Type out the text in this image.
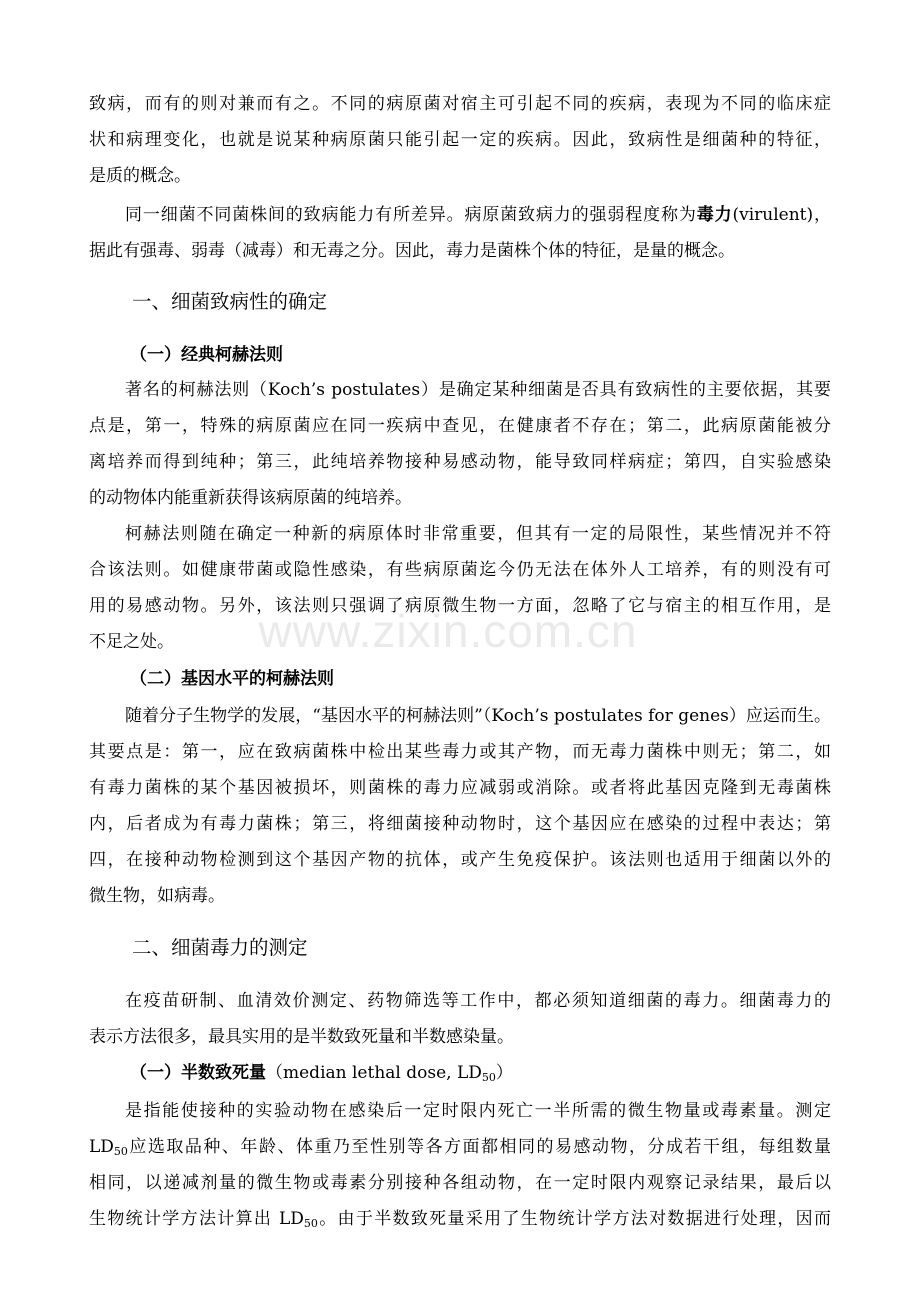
www.zixin.com.cn
致病，而有的则对兼而有之。不同的病原菌对宿主可引起不同的疾病，表现为不同的临床症
状和病理变化，也就是说某种病原菌只能引起一定的疾病。因此，致病性是细菌种的特征，
是质的概念。
同一细菌不同菌株间的致病能力有所差异。病原菌致病力的强弱程度称为毒力(virulent)，
据此有强毒、弱毒（减毒）和无毒之分。因此，毒力是菌株个体的特征，是量的概念。
一、细菌致病性的确定
（一）经典柯赫法则
著名的柯赫法则（Koch’s postulates）是确定某种细菌是否具有致病性的主要依据，其要
点是，第一，特殊的病原菌应在同一疾病中查见，在健康者不存在；第二，此病原菌能被分
离培养而得到纯种；第三，此纯培养物接种易感动物，能导致同样病症；第四，自实验感染
的动物体内能重新获得该病原菌的纯培养。
柯赫法则随在确定一种新的病原体时非常重要，但其有一定的局限性，某些情况并不符
合该法则。如健康带菌或隐性感染，有些病原菌迄今仍无法在体外人工培养，有的则没有可
用的易感动物。另外，该法则只强调了病原微生物一方面，忽略了它与宿主的相互作用，是
不足之处。
（二）基因水平的柯赫法则
随着分子生物学的发展，“基因水平的柯赫法则”（Koch’s postulates for genes）应运而生。
其要点是：第一，应在致病菌株中检出某些毒力或其产物，而无毒力菌株中则无；第二，如
有毒力菌株的某个基因被损坏，则菌株的毒力应减弱或消除。或者将此基因克隆到无毒菌株
内，后者成为有毒力菌株；第三，将细菌接种动物时，这个基因应在感染的过程中表达；第
四，在接种动物检测到这个基因产物的抗体，或产生免疫保护。该法则也适用于细菌以外的
微生物，如病毒。
二、细菌毒力的测定
在疫苗研制、血清效价测定、药物筛选等工作中，都必须知道细菌的毒力。细菌毒力的
表示方法很多，最具实用的是半数致死量和半数感染量。
（一）半数致死量（median lethal dose, $LD_{50}$）
是指能使接种的实验动物在感染后一定时限内死亡一半所需的微生物量或毒素量。测定
$LD_{50}$应选取品种、年龄、体重乃至性别等各方面都相同的易感动物，分成若干组，每组数量
相同，以递减剂量的微生物或毒素分别接种各组动物，在一定时限内观察记录结果，最后以
生物统计学方法计算出 $LD_{50}$。由于半数致死量采用了生物统计学方法对数据进行处理，因而
